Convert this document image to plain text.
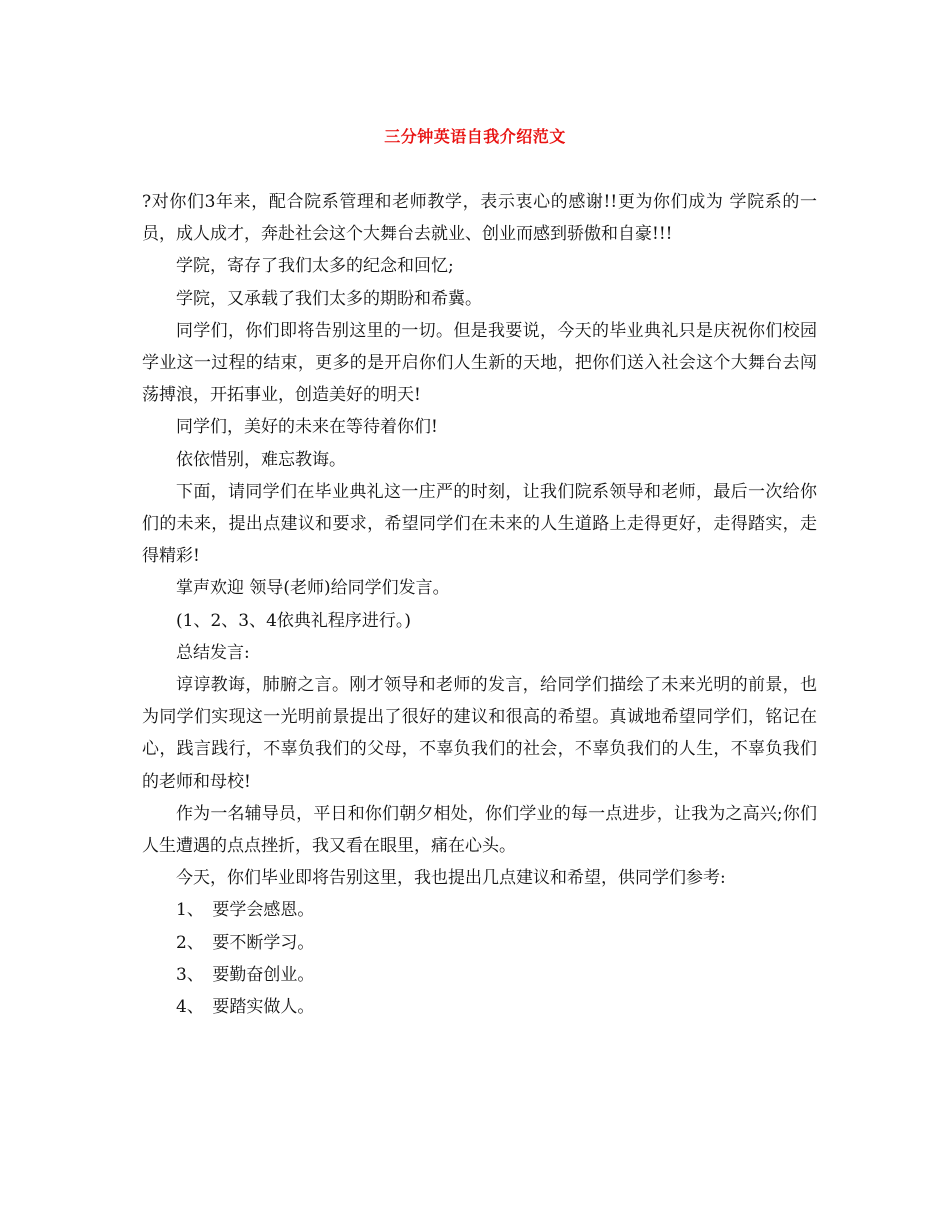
三分钟英语自我介绍范文

?对你们3年来，配合院系管理和老师教学，表示衷心的感谢!!更为你们成为 学院系的一员，成人成才，奔赴社会这个大舞台去就业、创业而感到骄傲和自豪!!!

学院，寄存了我们太多的纪念和回忆;

学院，又承载了我们太多的期盼和希冀。

同学们，你们即将告别这里的一切。但是我要说，今天的毕业典礼只是庆祝你们校园学业这一过程的结束，更多的是开启你们人生新的天地，把你们送入社会这个大舞台去闯荡搏浪，开拓事业，创造美好的明天!

同学们，美好的未来在等待着你们!

依依惜别，难忘教诲。

下面，请同学们在毕业典礼这一庄严的时刻，让我们院系领导和老师，最后一次给你们的未来，提出点建议和要求，希望同学们在未来的人生道路上走得更好，走得踏实，走得精彩!

掌声欢迎 领导(老师)给同学们发言。

(1、2、3、4依典礼程序进行。)

总结发言:

谆谆教诲，肺腑之言。刚才领导和老师的发言，给同学们描绘了未来光明的前景，也为同学们实现这一光明前景提出了很好的建议和很高的希望。真诚地希望同学们，铭记在心，践言践行，不辜负我们的父母，不辜负我们的社会，不辜负我们的人生，不辜负我们的老师和母校!

作为一名辅导员，平日和你们朝夕相处，你们学业的每一点进步，让我为之高兴;你们人生遭遇的点点挫折，我又看在眼里，痛在心头。

今天，你们毕业即将告别这里，我也提出几点建议和希望，供同学们参考:

1、　要学会感恩。

2、　要不断学习。

3、　要勤奋创业。

4、　要踏实做人。
